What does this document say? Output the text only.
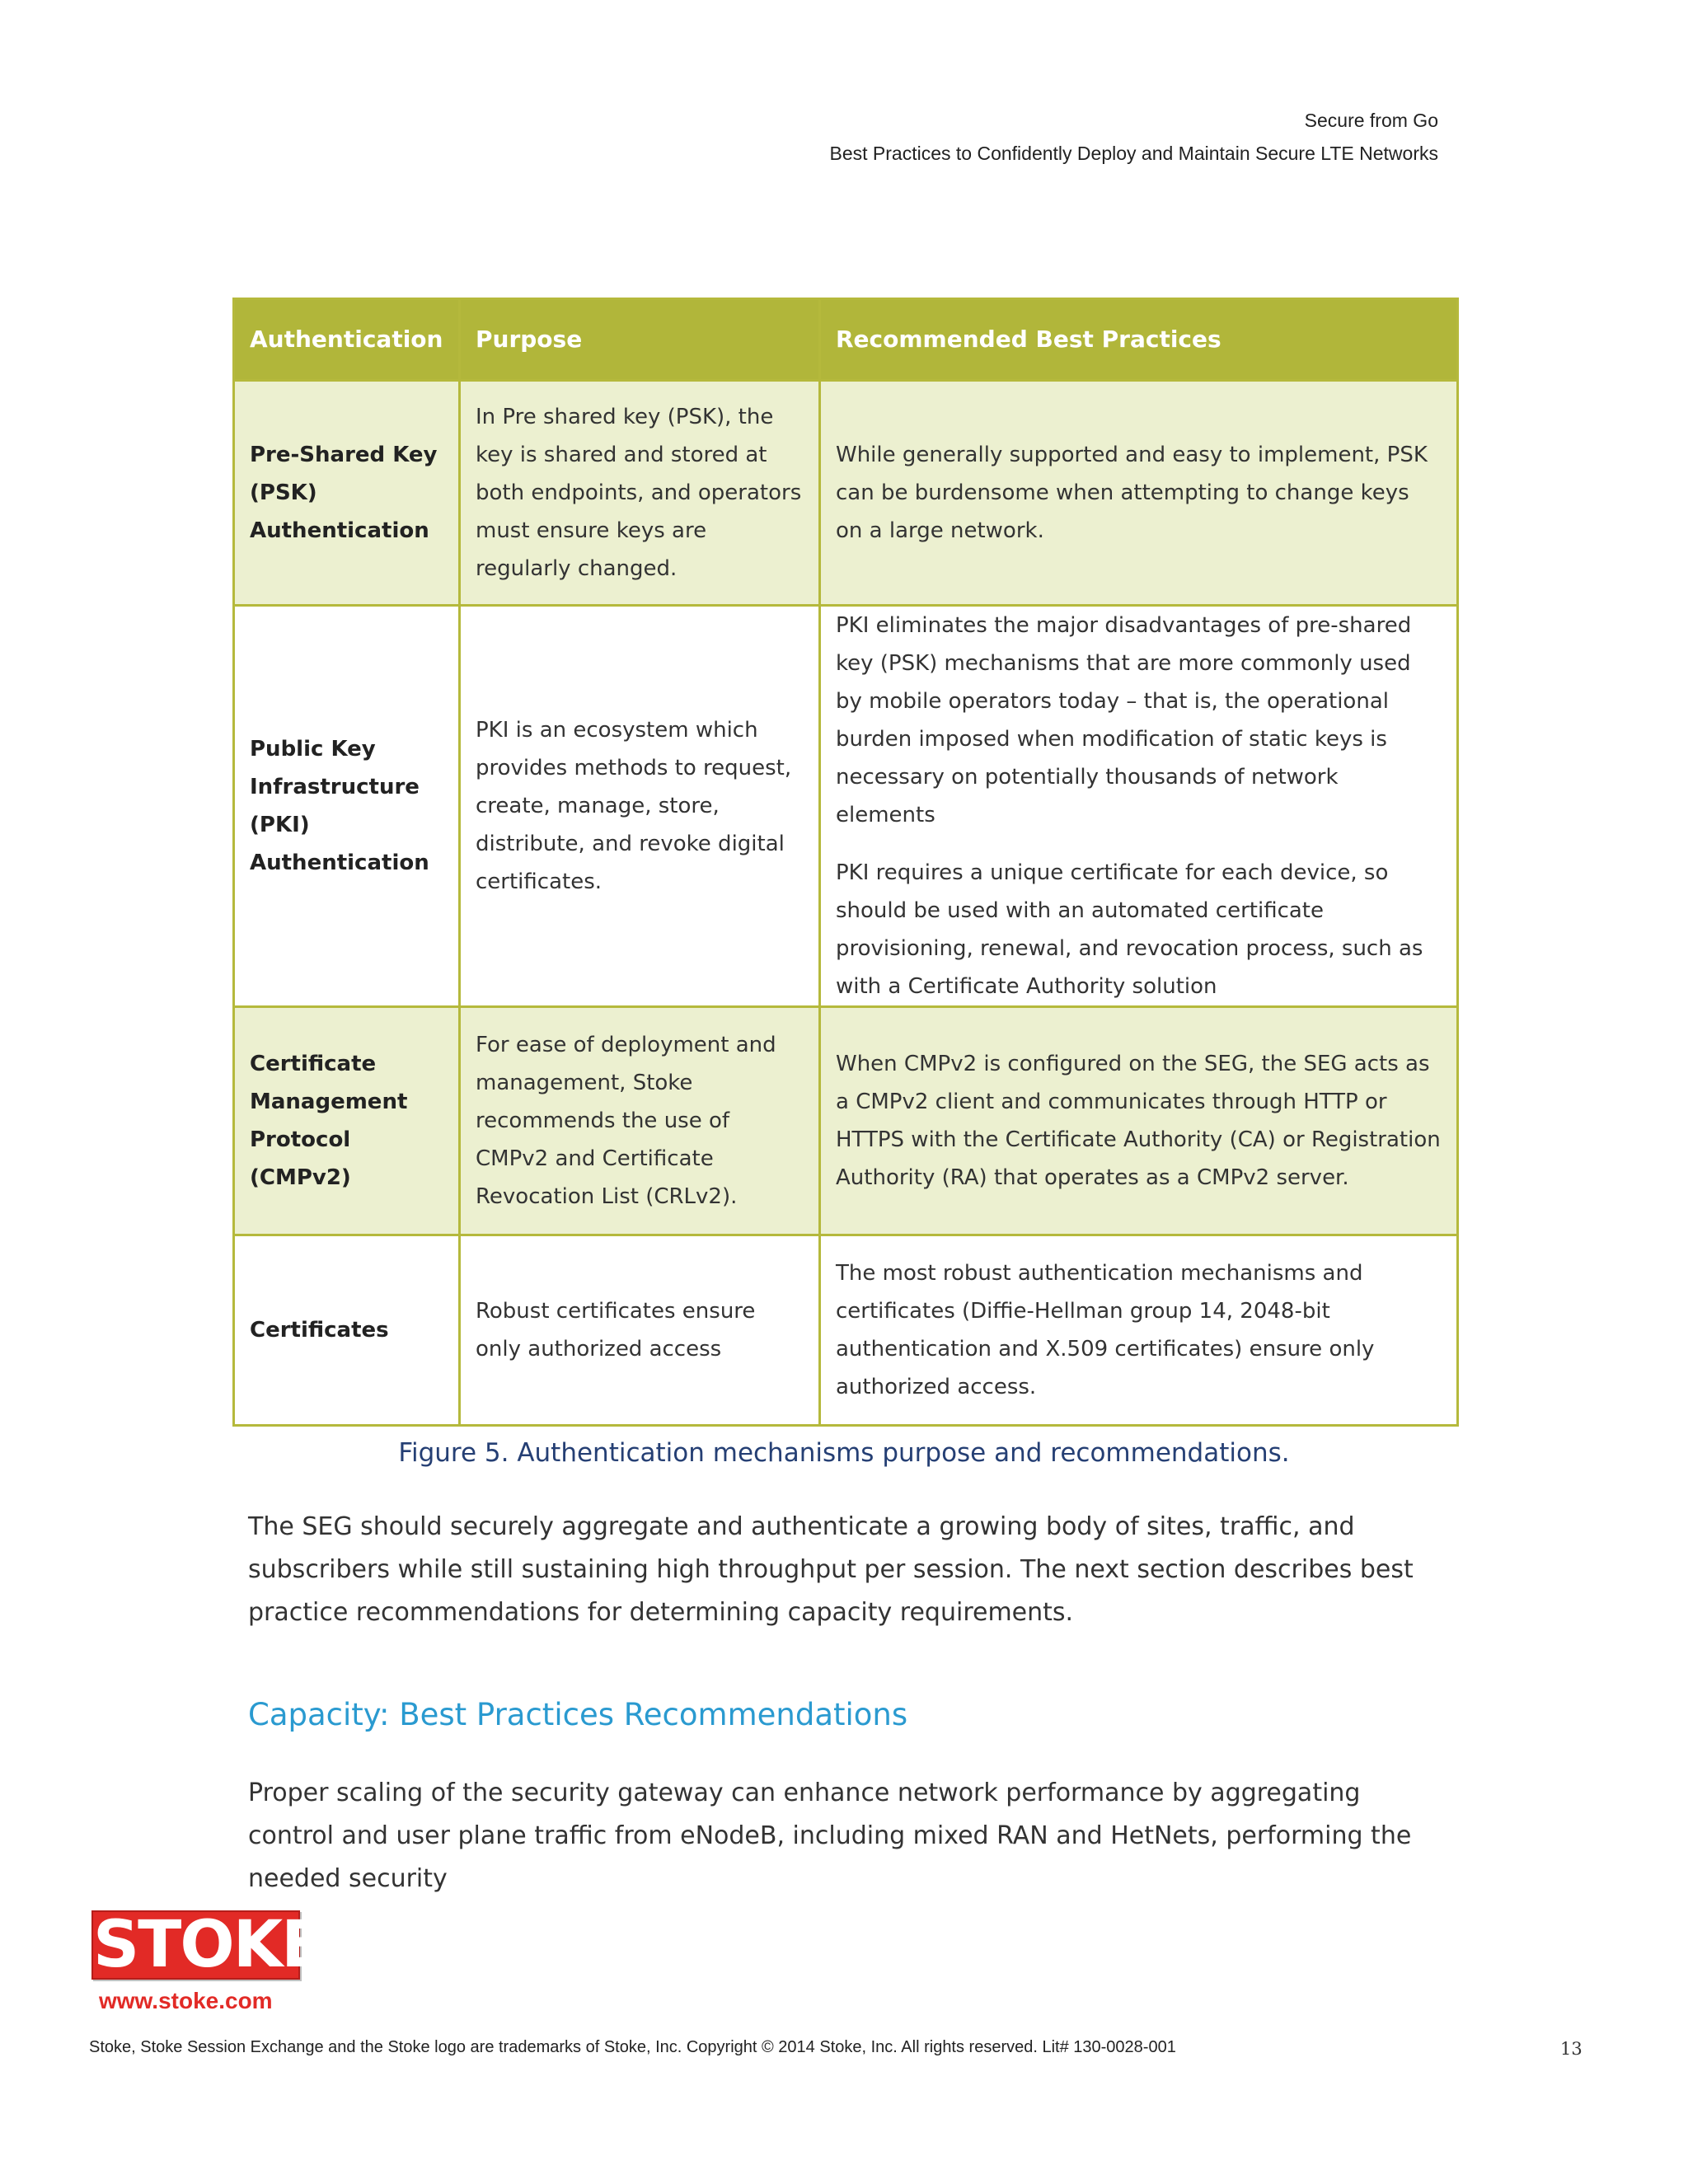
Secure from Go
Best Practices to Confidently Deploy and Maintain Secure LTE Networks
Authentication	Purpose	Recommended Best Practices
Pre-Shared Key (PSK) Authentication	In Pre shared key (PSK), the key is shared and stored at both endpoints, and operators must ensure keys are regularly changed.	While generally supported and easy to implement, PSK can be burdensome when attempting to change keys on a large network.

Public Key Infrastructure (PKI) Authentication	PKI is an ecosystem which provides methods to request, create, manage, store, distribute, and revoke digital certificates.	PKI eliminates the major disadvantages of pre-shared key (PSK) mechanisms that are more commonly used by mobile operators today – that is, the operational burden imposed when modification of static keys is necessary on potentially thousands of network elements
PKI requires a unique certificate for each device, so should be used with an automated certificate provisioning, renewal, and revocation process, such as with a Certificate Authority solution

Certificate Management Protocol (CMPv2)	For ease of deployment and management, Stoke recommends the use of CMPv2 and Certificate Revocation List (CRLv2).	When CMPv2 is configured on the SEG, the SEG acts as a CMPv2 client and communicates through HTTP or HTTPS with the Certificate Authority (CA) or Registration Authority (RA) that operates as a CMPv2 server.

Certificates	Robust certificates ensure only authorized access	The most robust authentication mechanisms and certificates (Diffie-Hellman group 14, 2048-bit authentication and X.509 certificates) ensure only authorized access.
Figure 5. Authentication mechanisms purpose and recommendations.
The SEG should securely aggregate and authenticate a growing body of sites, traffic, and subscribers while still sustaining high throughput per session. The next section describes best practice recommendations for determining capacity requirements.
Capacity: Best Practices Recommendations
Proper scaling of the security gateway can enhance network performance by aggregating control and user plane traffic from eNodeB, including mixed RAN and HetNets, performing the needed security
STOKE
www.stoke.com
Stoke, Stoke Session Exchange and the Stoke logo are trademarks of Stoke, Inc. Copyright © 2014 Stoke, Inc. All rights reserved. Lit# 130-0028-001	13
